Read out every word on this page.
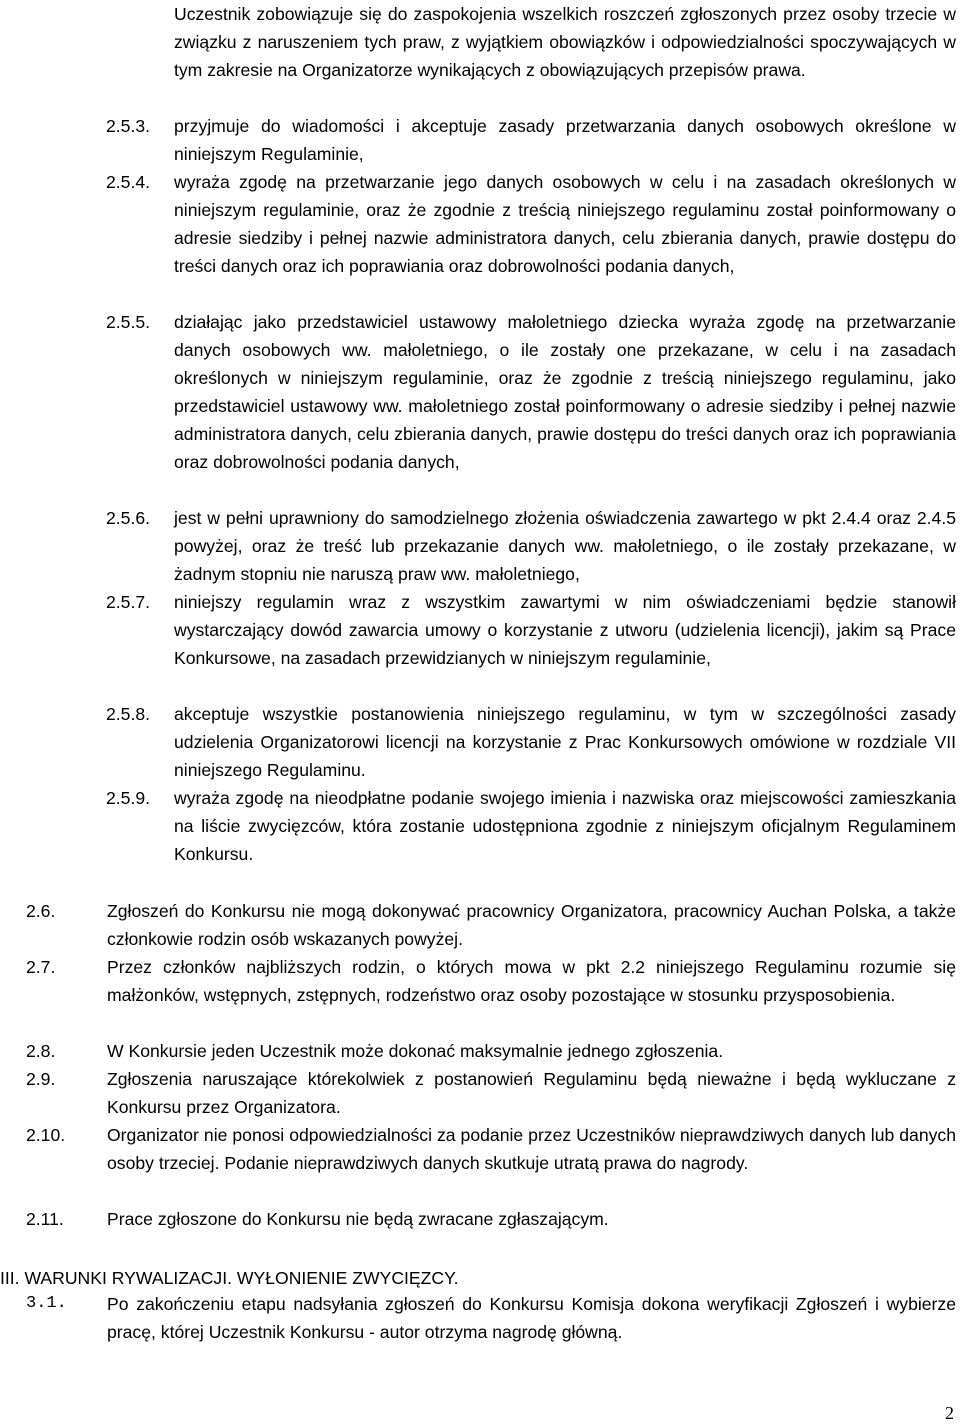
Uczestnik zobowiązuje się do zaspokojenia wszelkich roszczeń zgłoszonych przez osoby trzecie w związku z naruszeniem tych praw, z wyjątkiem obowiązków i odpowiedzialności spoczywających w tym zakresie na Organizatorze wynikających z obowiązujących przepisów prawa.
2.5.3.	przyjmuje do wiadomości i akceptuje zasady przetwarzania danych osobowych określone w niniejszym Regulaminie,
2.5.4.	wyraża zgodę na przetwarzanie jego danych osobowych w celu i na zasadach określonych w niniejszym regulaminie, oraz że zgodnie z treścią niniejszego regulaminu został poinformowany o adresie siedziby i pełnej nazwie administratora danych, celu zbierania danych, prawie dostępu do treści danych oraz ich poprawiania oraz dobrowolności podania danych,
2.5.5.	działając jako przedstawiciel ustawowy małoletniego dziecka wyraża zgodę na przetwarzanie danych osobowych ww. małoletniego, o ile zostały one przekazane, w celu i na zasadach określonych w niniejszym regulaminie, oraz że zgodnie z treścią niniejszego regulaminu, jako przedstawiciel ustawowy ww. małoletniego został poinformowany o adresie siedziby i pełnej nazwie administratora danych, celu zbierania danych, prawie dostępu do treści danych oraz ich poprawiania oraz dobrowolności podania danych,
2.5.6.	jest w pełni uprawniony do samodzielnego złożenia oświadczenia zawartego w pkt 2.4.4 oraz 2.4.5 powyżej, oraz że treść lub przekazanie danych ww. małoletniego, o ile zostały przekazane, w żadnym stopniu nie naruszą praw ww. małoletniego,
2.5.7.	niniejszy regulamin wraz z wszystkim zawartymi w nim oświadczeniami będzie stanowił wystarczający dowód zawarcia umowy o korzystanie z utworu (udzielenia licencji), jakim są Prace Konkursowe, na zasadach przewidzianych w niniejszym regulaminie,
2.5.8.	akceptuje wszystkie postanowienia niniejszego regulaminu, w tym w szczególności zasady udzielenia Organizatorowi licencji na korzystanie z Prac Konkursowych omówione w rozdziale VII niniejszego Regulaminu.
2.5.9.	wyraża zgodę na nieodpłatne podanie swojego imienia i nazwiska oraz miejscowości zamieszkania na liście zwycięzców, która zostanie udostępniona zgodnie z niniejszym oficjalnym Regulaminem Konkursu.
2.6.	Zgłoszeń do Konkursu nie mogą dokonywać pracownicy Organizatora, pracownicy Auchan Polska, a także członkowie rodzin osób wskazanych powyżej.
2.7.	Przez członków najbliższych rodzin, o których mowa w pkt 2.2 niniejszego Regulaminu rozumie się małżonków, wstępnych, zstępnych, rodzeństwo oraz osoby pozostające w stosunku przysposobienia.
2.8.	W Konkursie jeden Uczestnik może dokonać maksymalnie jednego zgłoszenia.
2.9.	Zgłoszenia naruszające którekolwiek z postanowień Regulaminu będą nieważne i będą wykluczane z Konkursu przez Organizatora.
2.10.	Organizator nie ponosi odpowiedzialności za podanie przez Uczestników nieprawdziwych danych lub danych osoby trzeciej. Podanie nieprawdziwych danych skutkuje utratą prawa do nagrody.
2.11.	Prace zgłoszone do Konkursu nie będą zwracane zgłaszającym.
III. WARUNKI RYWALIZACJI. WYŁONIENIE ZWYCIĘZCY.
3.1.	Po zakończeniu etapu nadsyłania zgłoszeń do Konkursu Komisja dokona weryfikacji Zgłoszeń i wybierze pracę, której Uczestnik Konkursu - autor otrzyma nagrodę główną.
2
